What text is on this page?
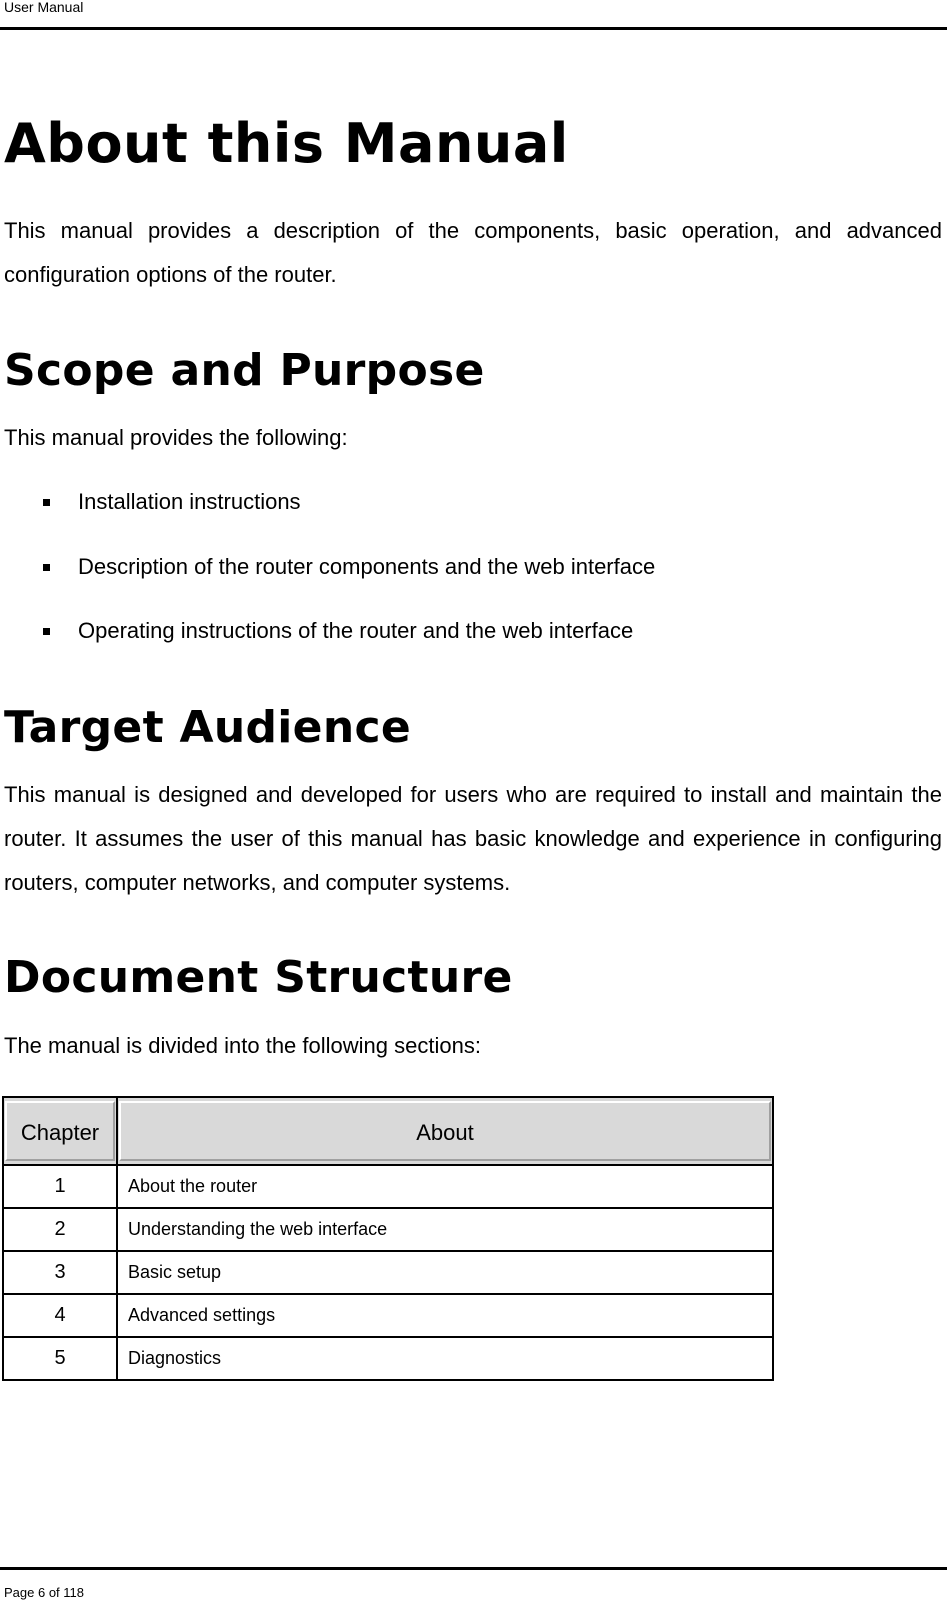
User Manual
About this Manual

This manual provides a description of the components, basic operation, and advanced configuration options of the router.

Scope and Purpose

This manual provides the following:

Installation instructions
Description of the router components and the web interface
Operating instructions of the router and the web interface
Target Audience

This manual is designed and developed for users who are required to install and maintain the router. It assumes the user of this manual has basic knowledge and experience in configuring routers, computer networks, and computer systems.

Document Structure

The manual is divided into the following sections:

Chapter	About

1	About the router
2	Understanding the web interface
3	Basic setup
4	Advanced settings
5	Diagnostics
Page 6 of 118
